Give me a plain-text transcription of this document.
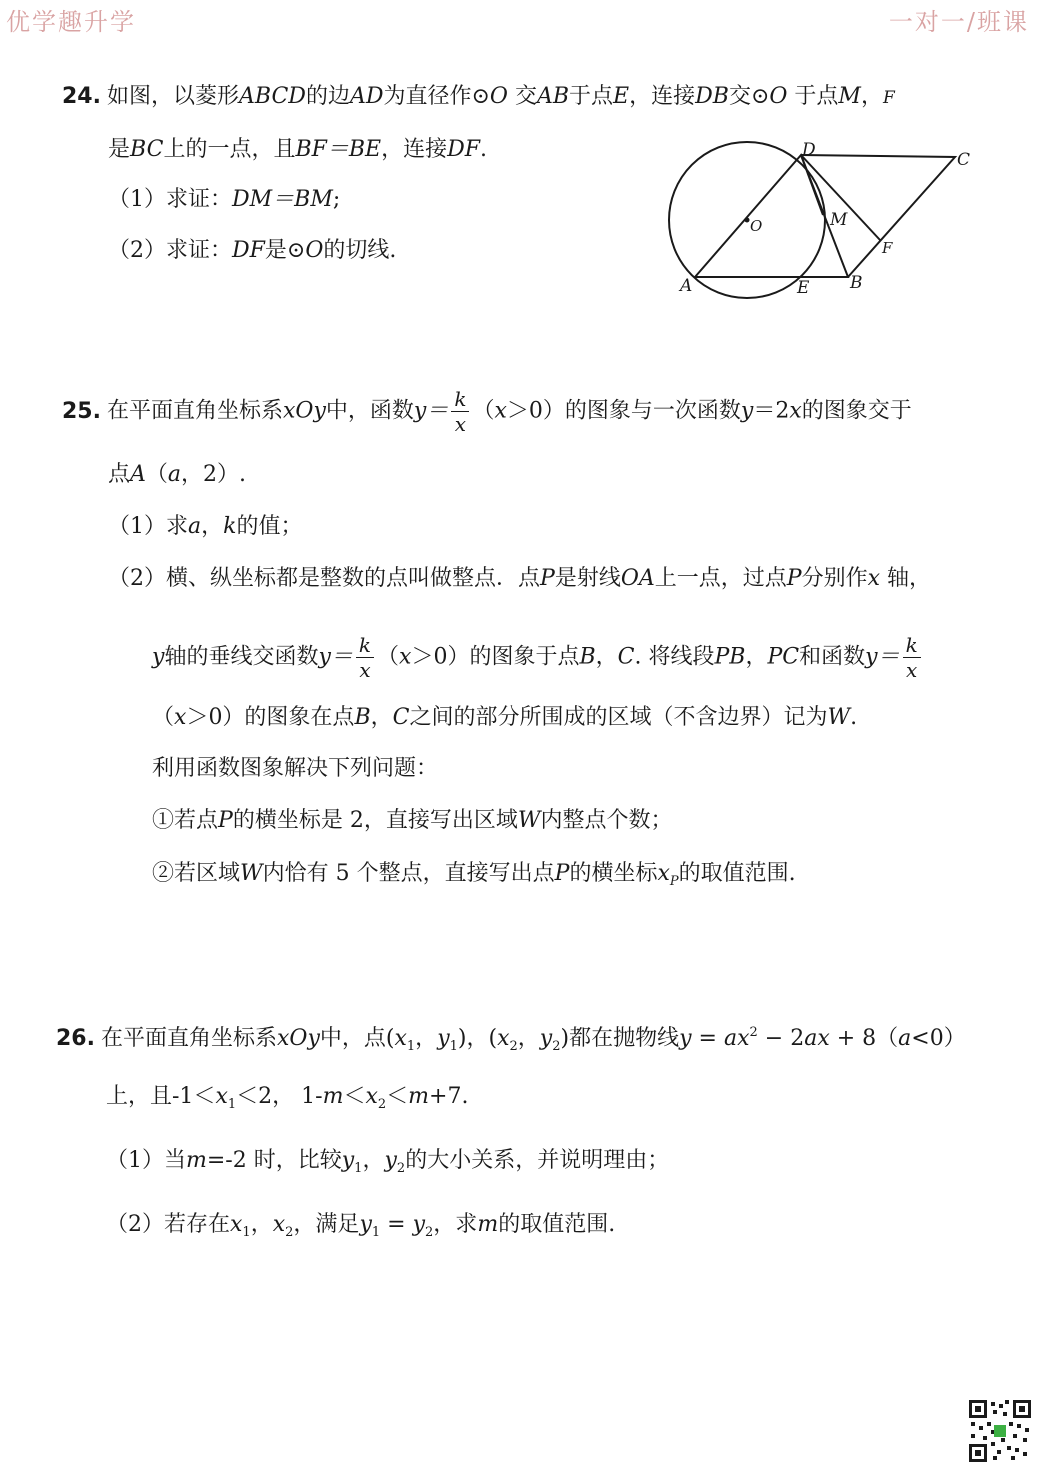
优学趣升学	一对一/班课
24. 如图，以菱形ABCD的边AD为直径作⊙O 交AB于点E，连接DB交⊙O 于点M，F
是BC上的一点，且BF＝BE，连接DF.
（1）求证：DM＝BM;
（2）求证：DF是⊙O的切线.
D	C
M
O
F
A	E B
25. 在平面直角坐标系xOy中，函数$y= \frac{k}{x} (x>0)$的图象与一次函数y＝2x的图象交于
点A（a，2）.
（1）求a，k的值；
（2）横、纵坐标都是整数的点叫做整点．点P是射线OA上一点，过点P分别作x 轴，
y轴的垂线交函数$y= \frac{k}{x} (x>0)$的图象于点B，C. 将线段PB，PC和函数$y= \frac{k}{x}$
（x＞0）的图象在点B，C之间的部分所围成的区域（不含边界）记为W.
利用函数图象解决下列问题：
①若点P的横坐标是 2，直接写出区域W内整点个数；
②若区域W内恰有 5 个整点，直接写出点P的横坐标$x_P$的取值范围.
26. 在平面直角坐标系xOy中，点($x_1$，$y_1$)，($x_2$，$y_2$)都在抛物线$y = ax^2 - 2ax + 8(a<0)$
上，且$-1<x_1<2$， $1-m<x_2<m+7$.
（1）当m=-2 时，比较$y_1$，$y_2$的大小关系，并说明理由；
（2）若存在$x_1$，$x_2$，满足$y_1 = y_2$，求m的取值范围.
